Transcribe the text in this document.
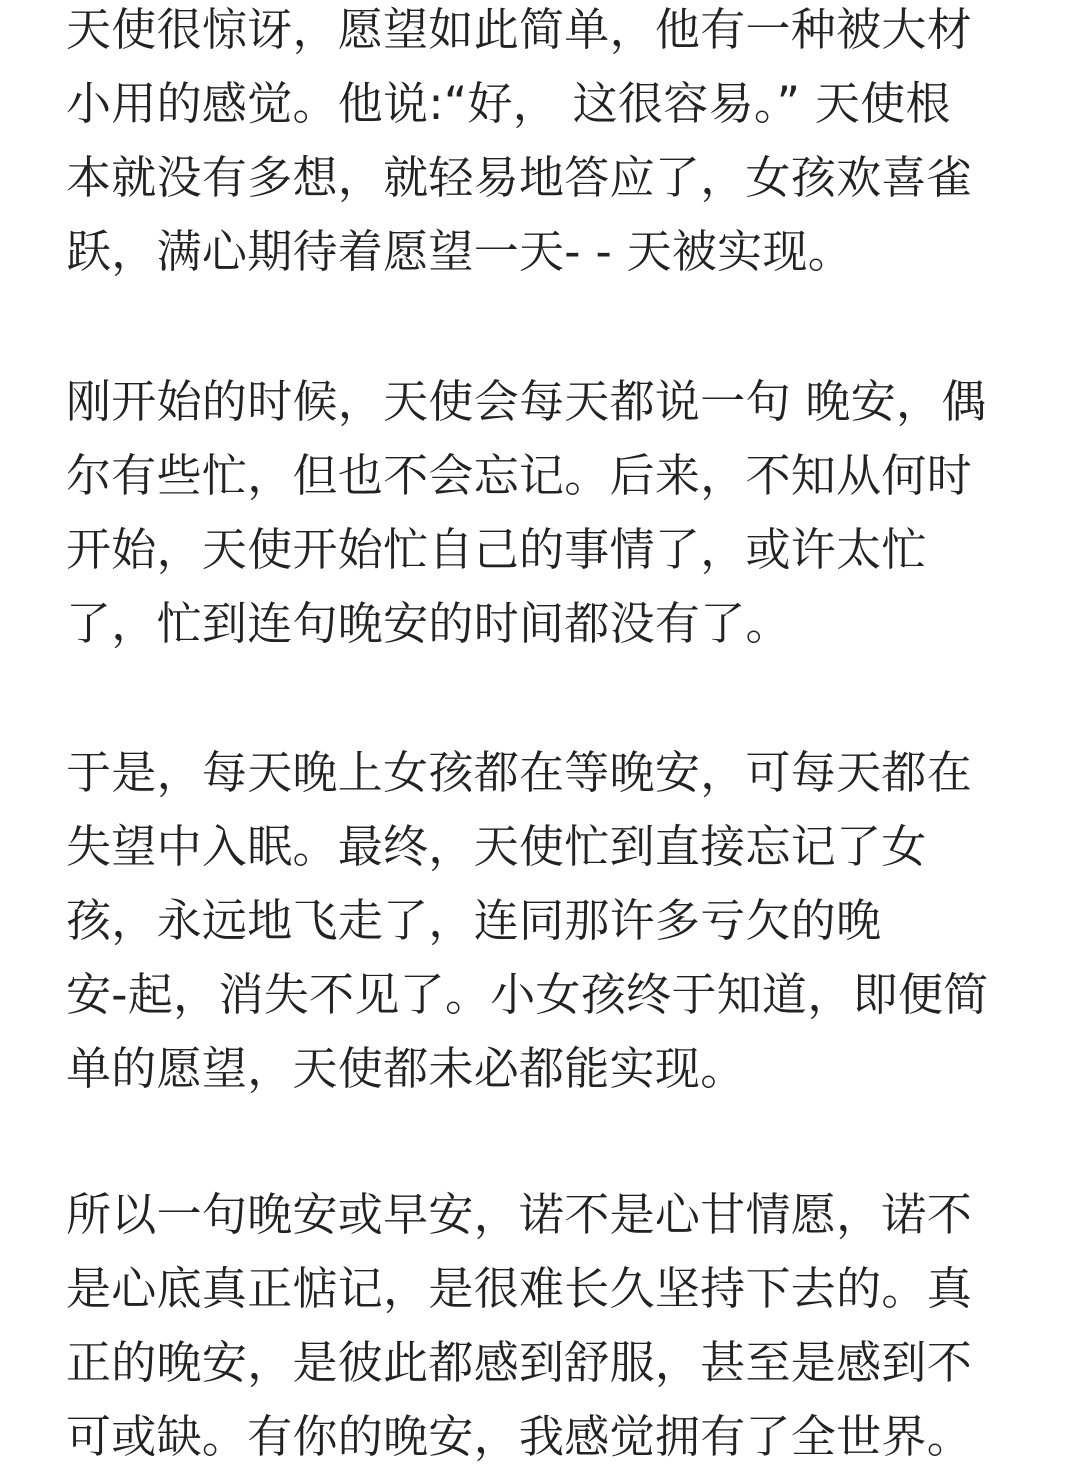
天使很惊讶，愿望如此简单，他有一种被大材
小用的感觉。他说:“好， 这很容易。” 天使根
本就没有多想，就轻易地答应了，女孩欢喜雀
跃，满心期待着愿望一天- - 天被实现。
刚开始的时候，天使会每天都说一句 晚安，偶
尔有些忙，但也不会忘记。后来，不知从何时
开始，天使开始忙自己的事情了，或许太忙
了，忙到连句晚安的时间都没有了。
于是，每天晚上女孩都在等晚安，可每天都在
失望中入眠。最终，天使忙到直接忘记了女
孩，永远地飞走了，连同那许多亏欠的晚
安-起，消失不见了。小女孩终于知道，即便简
单的愿望，天使都未必都能实现。
所以一句晚安或早安，诺不是心甘情愿，诺不
是心底真正惦记，是很难长久坚持下去的。真
正的晚安，是彼此都感到舒服，甚至是感到不
可或缺。有你的晚安，我感觉拥有了全世界。
